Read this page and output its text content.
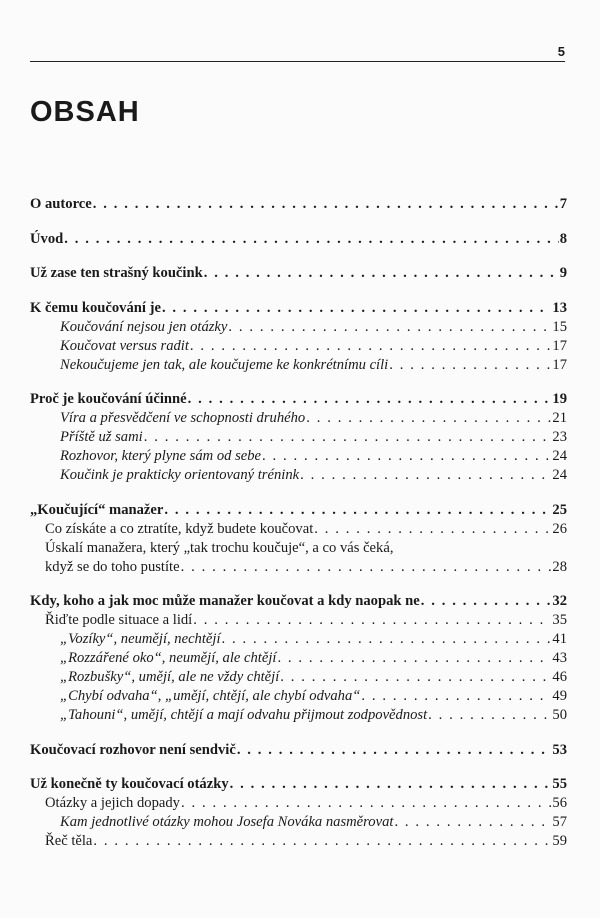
5
OBSAH
O autorce . . .	7
Úvod . . .	8
Už zase ten strašný koučink . . .	9
K čemu koučování je . . .	13
Koučování nejsou jen otázky . . .	15
Koučovat versus radit . . .	17
Nekoučujeme jen tak, ale koučujeme ke konkrétnímu cíli . . .	17
Proč je koučování účinné . . .	19
Víra a přesvědčení ve schopnosti druhého . . .	21
Příště už sami . . .	23
Rozhovor, který plyne sám od sebe . . .	24
Koučink je prakticky orientovaný trénink . . .	24
„Koučující“ manažer . . .	25
Co získáte a co ztratíte, když budete koučovat . . .	26
Úskalí manažera, který „tak trochu koučuje“, a co vás čeká,
když se do toho pustíte . . .	28
Kdy, koho a jak moc může manažer koučovat a kdy naopak ne . . .	32
Řiďte podle situace a lidí . . .	35
„Vozíky“, neumějí, nechtějí . . .	41
„Rozzářené oko“, neumějí, ale chtějí . . .	43
„Rozbušky“, umějí, ale ne vždy chtějí . . .	46
„Chybí odvaha“, „umějí, chtějí, ale chybí odvaha“ . . .	49
„Tahouni“, umějí, chtějí a mají odvahu přijmout zodpovědnost . . .	50
Koučovací rozhovor není sendvič . . .	53
Už konečně ty koučovací otázky . . .	55
Otázky a jejich dopady . . .	56
Kam jednotlivé otázky mohou Josefa Nováka nasměrovat . . .	57
Řeč těla . . .	59
